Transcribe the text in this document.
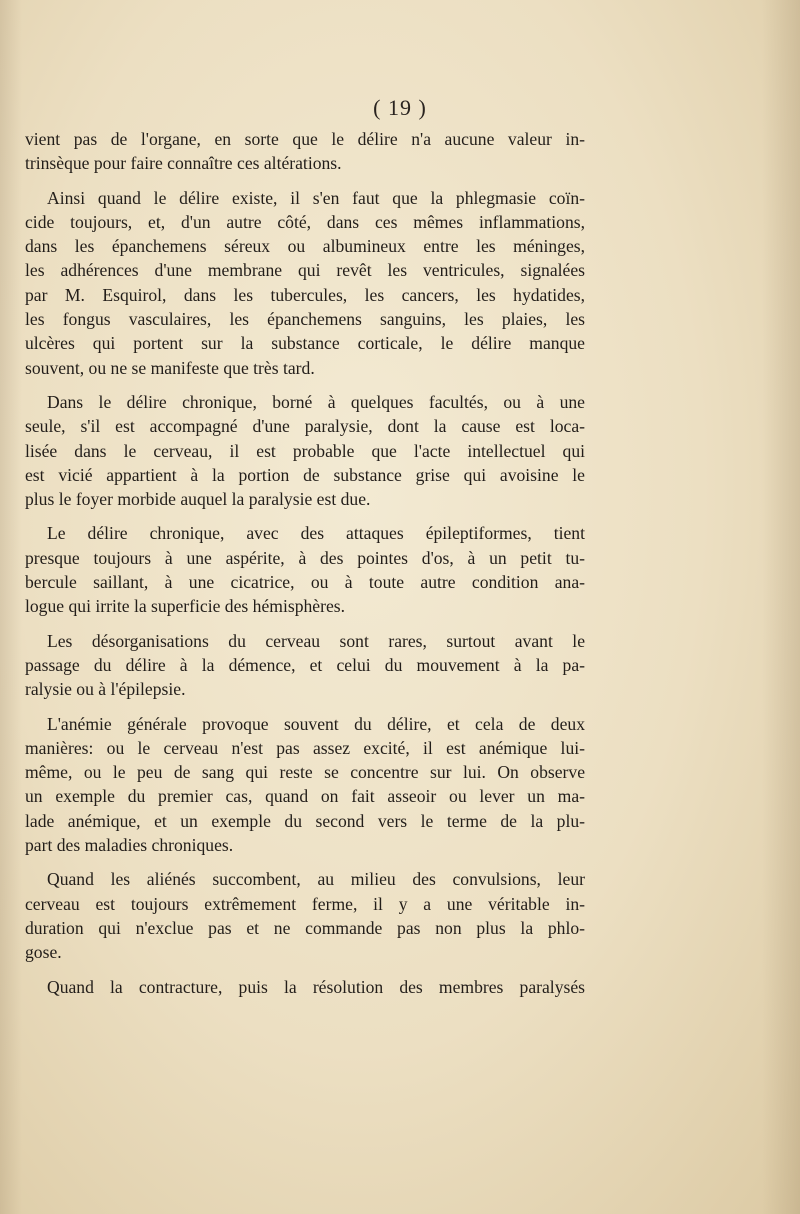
( 19 )
vient pas de l'organe, en sorte que le délire n'a aucune valeur in-
trinsèque pour faire connaître ces altérations.
Ainsi quand le délire existe, il s'en faut que la phlegmasie coïn-
cide toujours, et, d'un autre côté, dans ces mêmes inflammations,
dans les épanchemens séreux ou albumineux entre les méninges,
les adhérences d'une membrane qui revêt les ventricules, signalées
par M. Esquirol, dans les tubercules, les cancers, les hydatides,
les fongus vasculaires, les épanchemens sanguins, les plaies, les
ulcères qui portent sur la substance corticale, le délire manque
souvent, ou ne se manifeste que très tard.
Dans le délire chronique, borné à quelques facultés, ou à une
seule, s'il est accompagné d'une paralysie, dont la cause est loca-
lisée dans le cerveau, il est probable que l'acte intellectuel qui
est vicié appartient à la portion de substance grise qui avoisine le
plus le foyer morbide auquel la paralysie est due.
Le délire chronique, avec des attaques épileptiformes, tient
presque toujours à une aspérite, à des pointes d'os, à un petit tu-
bercule saillant, à une cicatrice, ou à toute autre condition ana-
logue qui irrite la superficie des hémisphères.
Les désorganisations du cerveau sont rares, surtout avant le
passage du délire à la démence, et celui du mouvement à la pa-
ralysie ou à l'épilepsie.
L'anémie générale provoque souvent du délire, et cela de deux
manières: ou le cerveau n'est pas assez excité, il est anémique lui-
même, ou le peu de sang qui reste se concentre sur lui. On observe
un exemple du premier cas, quand on fait asseoir ou lever un ma-
lade anémique, et un exemple du second vers le terme de la plu-
part des maladies chroniques.
Quand les aliénés succombent, au milieu des convulsions, leur
cerveau est toujours extrêmement ferme, il y a une véritable in-
duration qui n'exclue pas et ne commande pas non plus la phlo-
gose.
Quand la contracture, puis la résolution des membres paralysés
